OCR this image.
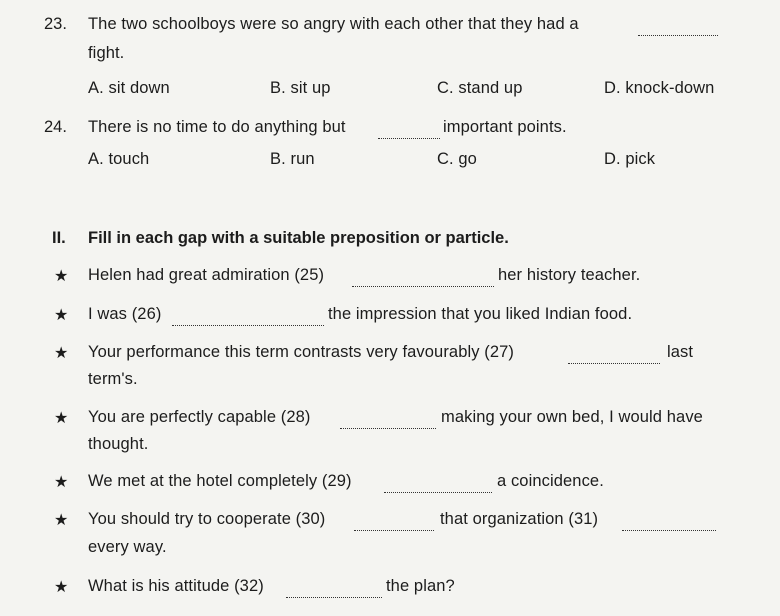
23. The two schoolboys were so angry with each other that they had a
fight.
A. sit down	B. sit up	C. stand up	D. knock-down
24. There is no time to do anything but	important points.
A. touch	B. run	C. go	D. pick
II. Fill in each gap with a suitable preposition or particle.
★ Helen had great admiration (25)	her history teacher.
★ I was (26)	the impression that you liked Indian food.
★ Your performance this term contrasts very favourably (27)	last
term's.
★ You are perfectly capable (28)	making your own bed, I would have
thought.
★ We met at the hotel completely (29)	a coincidence.
★ You should try to cooperate (30)	that organization (31)
every way.
★ What is his attitude (32)	the plan?
